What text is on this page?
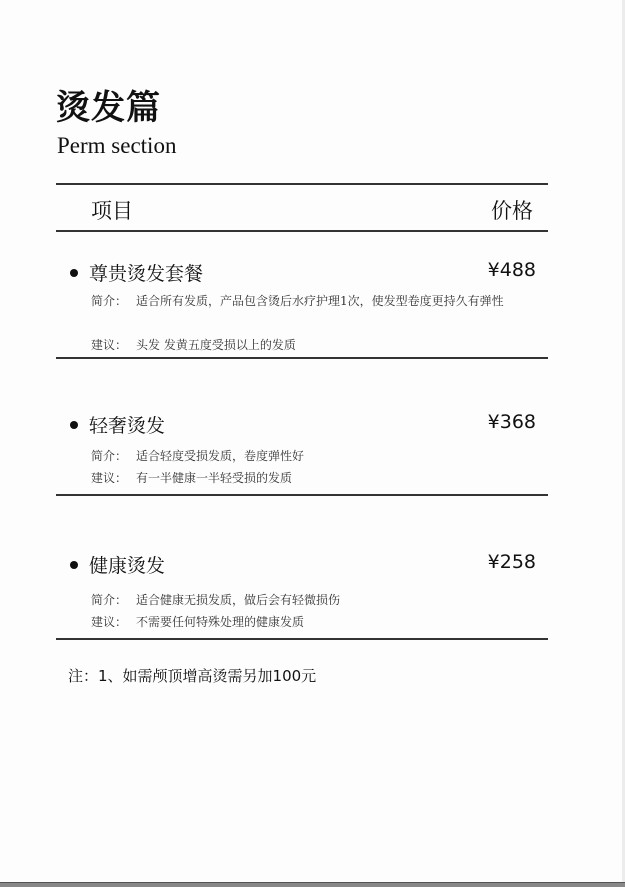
烫发篇
Perm section
项目	价格
尊贵烫发套餐	¥488
简介： 适合所有发质，产品包含烫后水疗护理1次，使发型卷度更持久有弹性
建议： 头发 发黄五度受损以上的发质
轻奢烫发	¥368
简介： 适合轻度受损发质，卷度弹性好
建议： 有一半健康一半轻受损的发质
健康烫发	¥258
简介： 适合健康无损发质，做后会有轻微损伤
建议： 不需要任何特殊处理的健康发质
注：1、如需颅顶增高烫需另加100元
